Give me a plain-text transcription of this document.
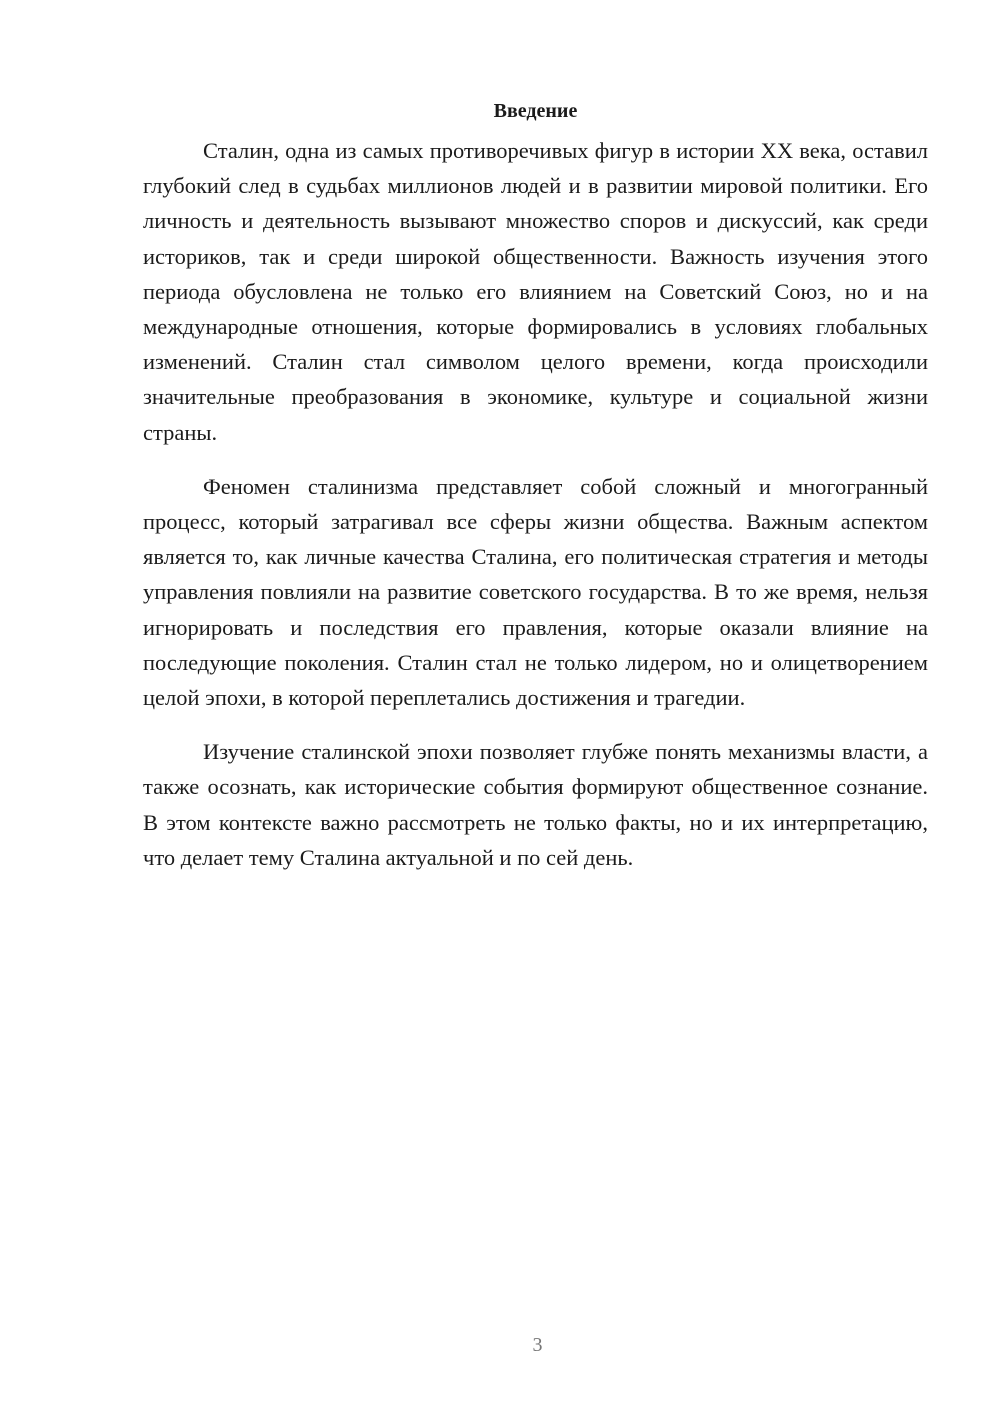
Введение

Сталин, одна из самых противоречивых фигур в истории XX века, оставил глубокий след в судьбах миллионов людей и в развитии мировой политики. Его личность и деятельность вызывают множество споров и дискуссий, как среди историков, так и среди широкой общественности. Важность изучения этого периода обусловлена не только его влиянием на Советский Союз, но и на международные отношения, которые формировались в условиях глобальных изменений. Сталин стал символом целого времени, когда происходили значительные преобразования в экономике, культуре и социальной жизни страны.

Феномен сталинизма представляет собой сложный и многогранный процесс, который затрагивал все сферы жизни общества. Важным аспектом является то, как личные качества Сталина, его политическая стратегия и методы управления повлияли на развитие советского государства. В то же время, нельзя игнорировать и последствия его правления, которые оказали влияние на последующие поколения. Сталин стал не только лидером, но и олицетворением целой эпохи, в которой переплетались достижения и трагедии.

Изучение сталинской эпохи позволяет глубже понять механизмы власти, а также осознать, как исторические события формируют общественное сознание. В этом контексте важно рассмотреть не только факты, но и их интерпретацию, что делает тему Сталина актуальной и по сей день.

3
